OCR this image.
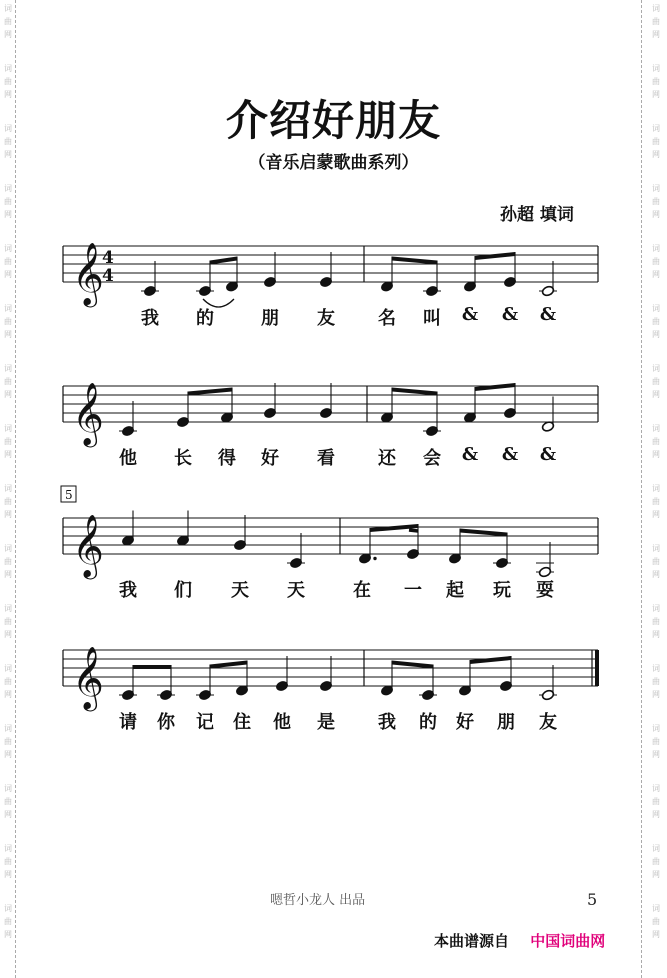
词
曲
网
词
曲
网
词
曲
网
词
曲
网
词
曲
网
词
曲
网
词
曲
网
词
曲
网
词
曲
网
词
曲
网
词
曲
网
词
曲
网
词
曲
网
词
曲
网
词
曲
网
词
曲
网
词
曲
网
词
曲
网
词
曲
网
词
曲
网
词
曲
网
词
曲
网
词
曲
网
词
曲
网
词
曲
网
词
曲
网
词
曲
网
词
曲
网
词
曲
网
词
曲
网
词
曲
网
词
曲
网
介绍好朋友
（音乐启蒙歌曲系列）
孙超 填词
𝄞
4
4
𝄞
𝄞
5
𝄞
我 的	朋 友 名 叫 & & &
他 长 得 好 看 还 会 & & &
我 们 天 天	在 一 起 玩 耍
请 你 记 住 他 是 我 的 好 朋 友
嗯哲小龙人 出品	5
本曲谱源自 中国词曲网
